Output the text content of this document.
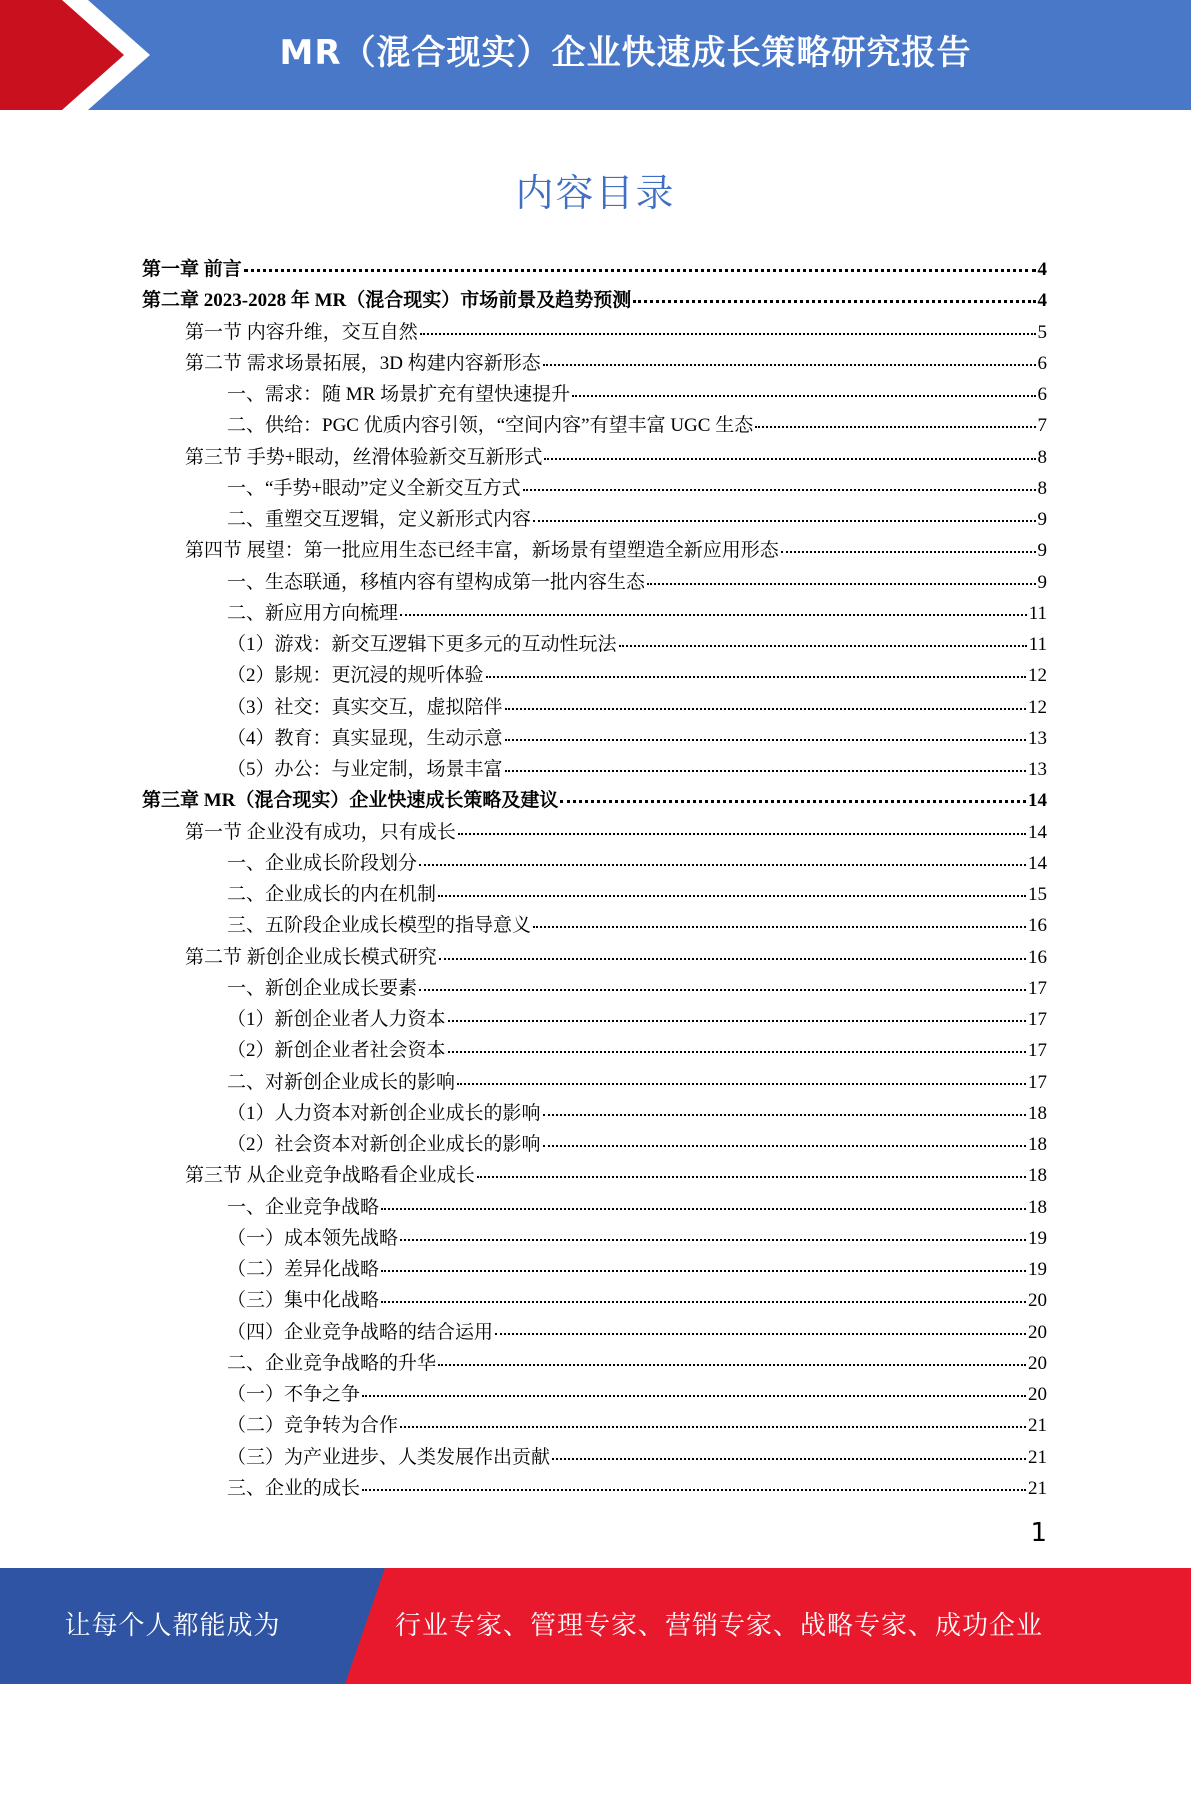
MR（混合现实）企业快速成长策略研究报告
内容目录
第一章 前言	4
第二章 2023-2028 年 MR（混合现实）市场前景及趋势预测	4
第一节 内容升维，交互自然	5
第二节 需求场景拓展，3D 构建内容新形态	6
一、需求：随 MR 场景扩充有望快速提升	6
二、供给：PGC 优质内容引领，“空间内容”有望丰富 UGC 生态	7
第三节 手势+眼动，丝滑体验新交互新形式	8
一、“手势+眼动”定义全新交互方式	8
二、重塑交互逻辑，定义新形式内容	9
第四节 展望：第一批应用生态已经丰富，新场景有望塑造全新应用形态	9
一、生态联通，移植内容有望构成第一批内容生态	9
二、新应用方向梳理	11
（1）游戏：新交互逻辑下更多元的互动性玩法	11
（2）影规：更沉浸的规听体验	12
（3）社交：真实交互，虚拟陪伴	12
（4）教育：真实显现，生动示意	13
（5）办公：与业定制，场景丰富	13
第三章 MR（混合现实）企业快速成长策略及建议	14
第一节 企业没有成功，只有成长	14
一、企业成长阶段划分	14
二、企业成长的内在机制	15
三、五阶段企业成长模型的指导意义	16
第二节 新创企业成长模式研究	16
一、新创企业成长要素	17
（1）新创企业者人力资本	17
（2）新创企业者社会资本	17
二、对新创企业成长的影响	17
（1）人力资本对新创企业成长的影响	18
（2）社会资本对新创企业成长的影响	18
第三节 从企业竞争战略看企业成长	18
一、企业竞争战略	18
（一）成本领先战略	19
（二）差异化战略	19
（三）集中化战略	20
（四）企业竞争战略的结合运用	20
二、企业竞争战略的升华	20
（一）不争之争	20
（二）竞争转为合作	21
（三）为产业进步、人类发展作出贡献	21
三、企业的成长	21
1
让每个人都能成为	行业专家、管理专家、营销专家、战略专家、成功企业家……
